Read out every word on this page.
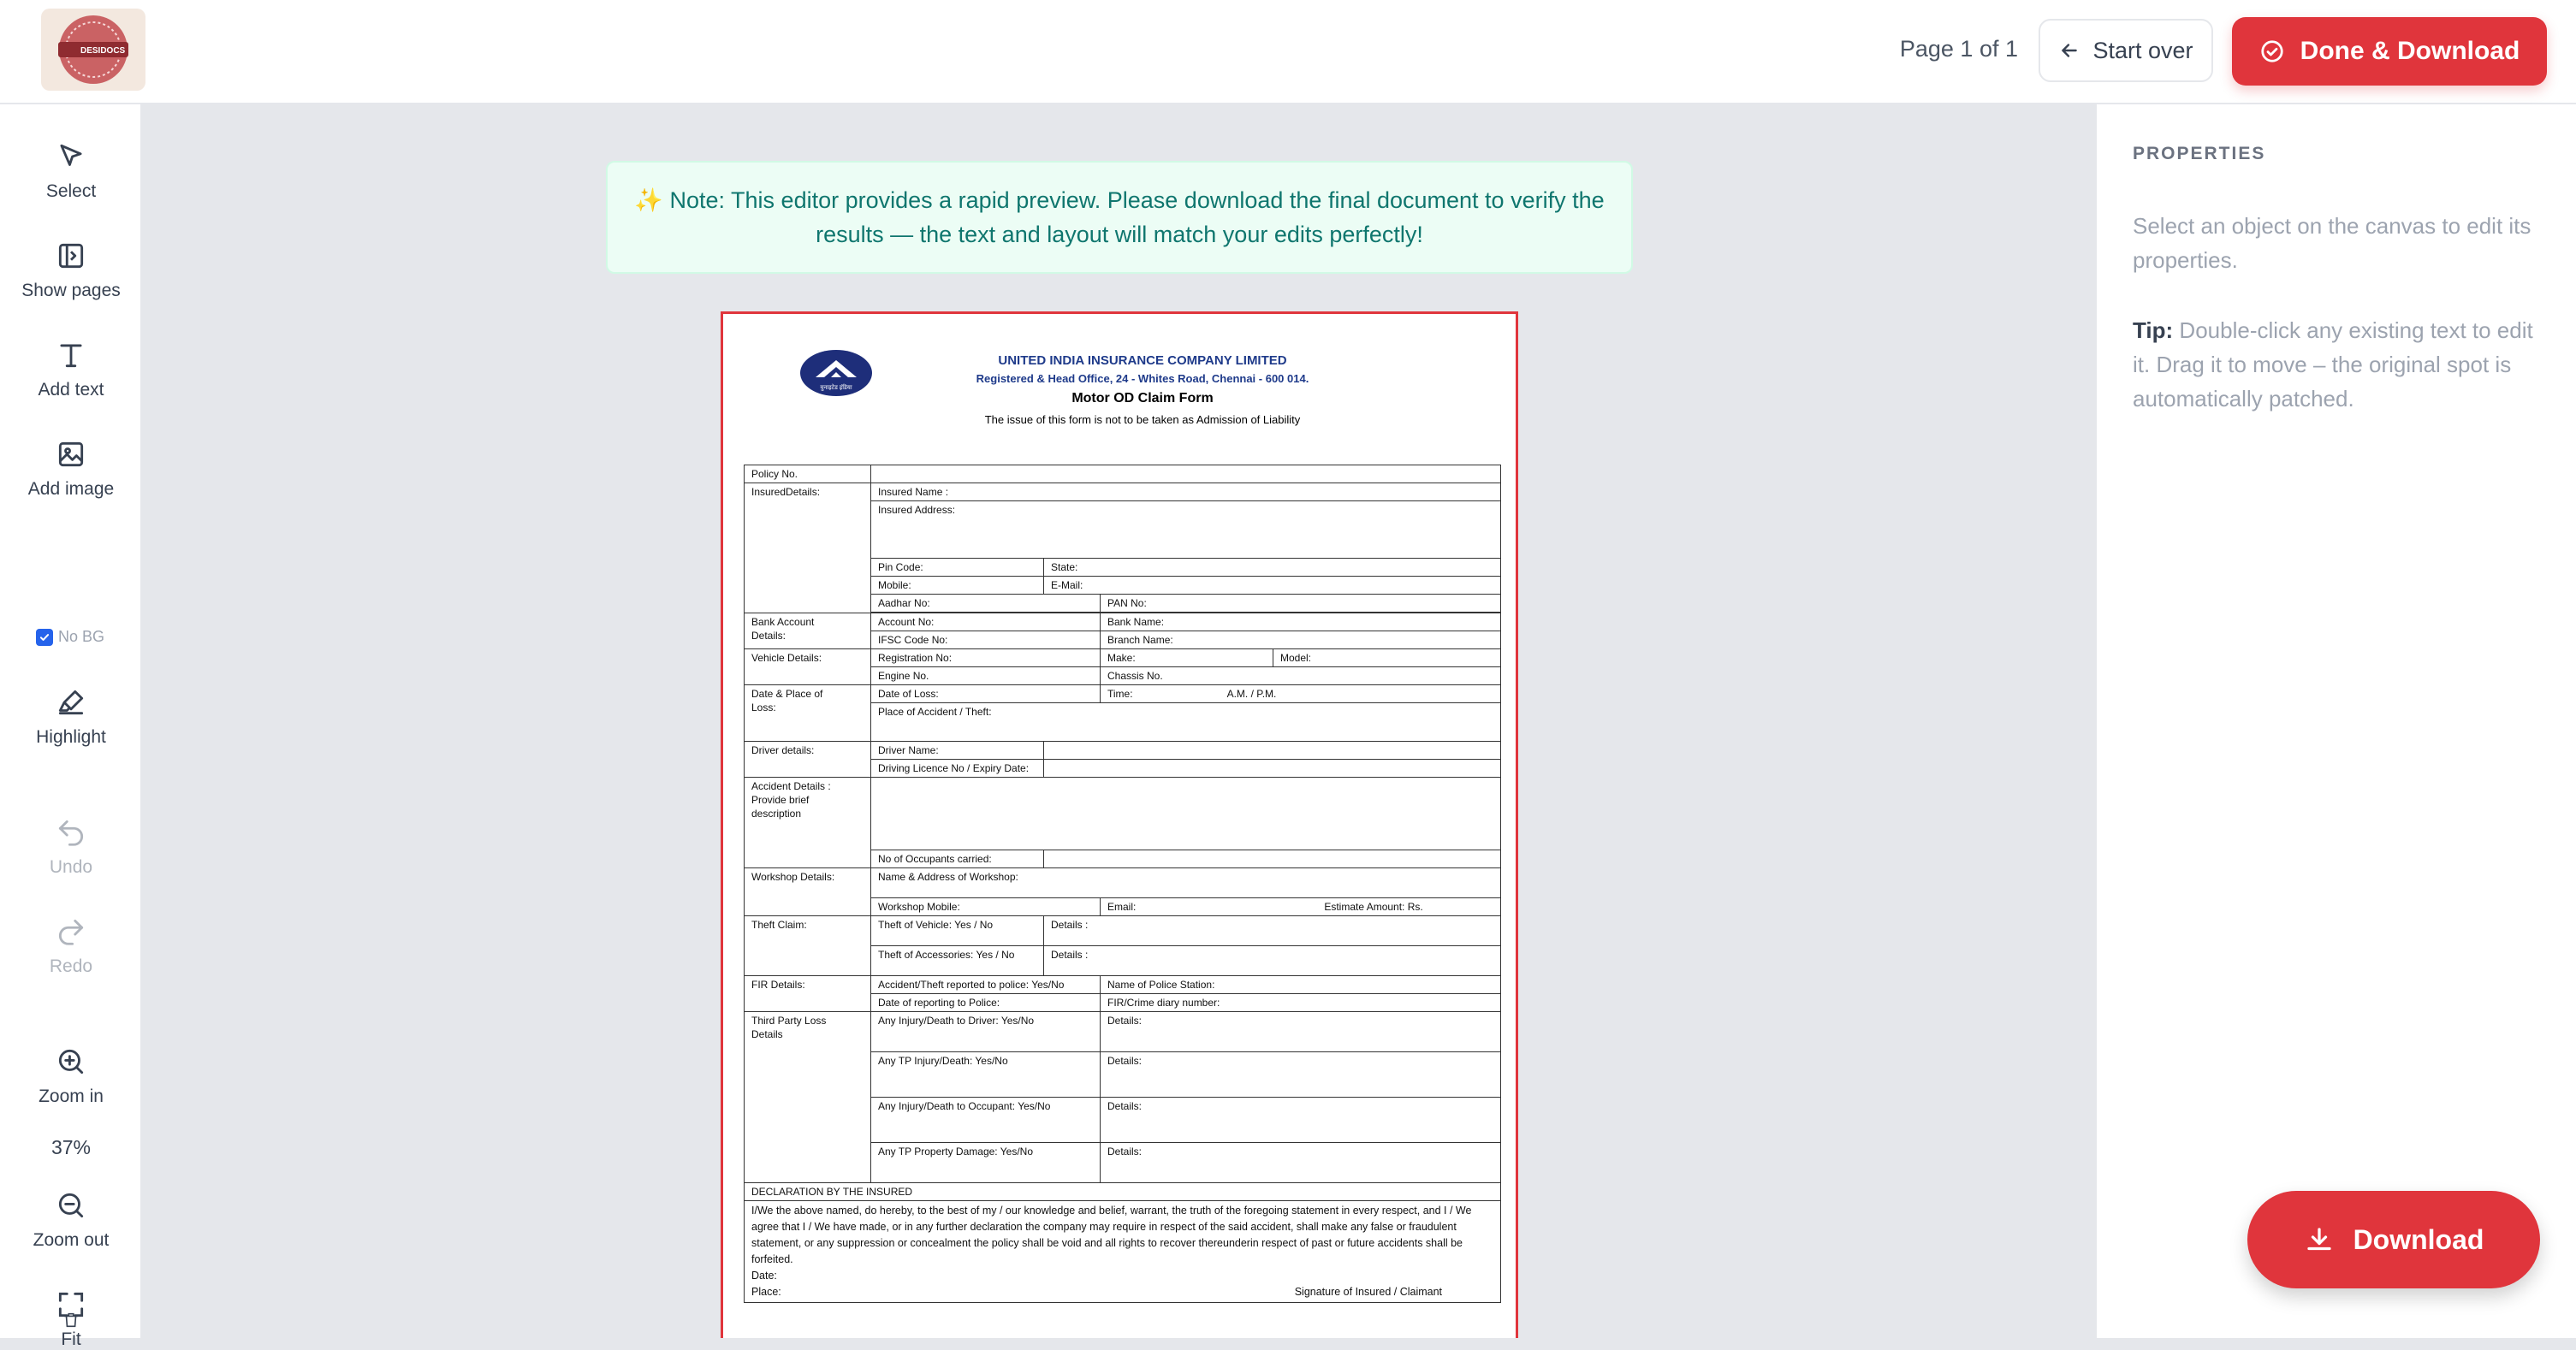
DESIDOCS	Page 1 of 1	Start over	Done & Download
Select
Show pages
Add text
Add image
No BG
Highlight
Undo
Redo
Zoom in
37%
Zoom out
Fit
✨ Note: This editor provides a rapid preview. Please download the final document to verify the results — the text and layout will match your edits perfectly!
युनाइटेड इंडिया
UNITED INDIA INSURANCE COMPANY LIMITED
Registered & Head Office, 24 - Whites Road, Chennai - 600 014.
Motor OD Claim Form
The issue of this form is not to be taken as Admission of Liability
Policy No.				
InsuredDetails:	Insured Name :			
	Insured Address:			
	Pin Code:	State:		
	Mobile:	E-Mail:		
	Aadhar No:		PAN No:	

Bank Account
Details:	Account No:		Bank Name:	
	IFSC Code No:		Branch Name:	
Vehicle Details:	Registration No:		Make:	Model:
	Engine No.		Chassis No.	
Date & Place of
Loss:	Date of Loss:		Time: A.M. / P.M.	
	Place of Accident / Theft:			
Driver details:	Driver Name:			
	Driving Licence No / Expiry Date:			
Accident Details :
Provide brief
description				
	No of Occupants carried:			
Workshop Details:	Name & Address of Workshop:			
	Workshop Mobile:		Email: Estimate Amount: Rs.	
Theft Claim:	Theft of Vehicle: Yes / No	Details :		
	Theft of Accessories: Yes / No	Details :		
FIR Details:	Accident/Theft reported to police: Yes/No		Name of Police Station:	
	Date of reporting to Police:		FIR/Crime diary number:	
Third Party Loss
Details	Any Injury/Death to Driver: Yes/No		Details:	
	Any TP Injury/Death: Yes/No		Details:	
	Any Injury/Death to Occupant: Yes/No		Details:	
	Any TP Property Damage: Yes/No		Details:	
DECLARATION BY THE INSURED				

I/We the above named, do hereby, to the best of my / our knowledge and belief, warrant, the truth of the foregoing statement in every respect, and I / We agree that I / We have made, or in any further declaration the company may require in respect of the said accident, shall make any false or fraudulent statement, or any suppression or concealment the policy shall be void and all rights to recover thereunderin respect of past or future accidents shall be forfeited.
Date:
Place: Signature of Insured / Claimant				
PROPERTIES
Select an object on the canvas to edit its properties.
Tip: Double-click any existing text to edit it. Drag it to move – the original spot is automatically patched.
Download
